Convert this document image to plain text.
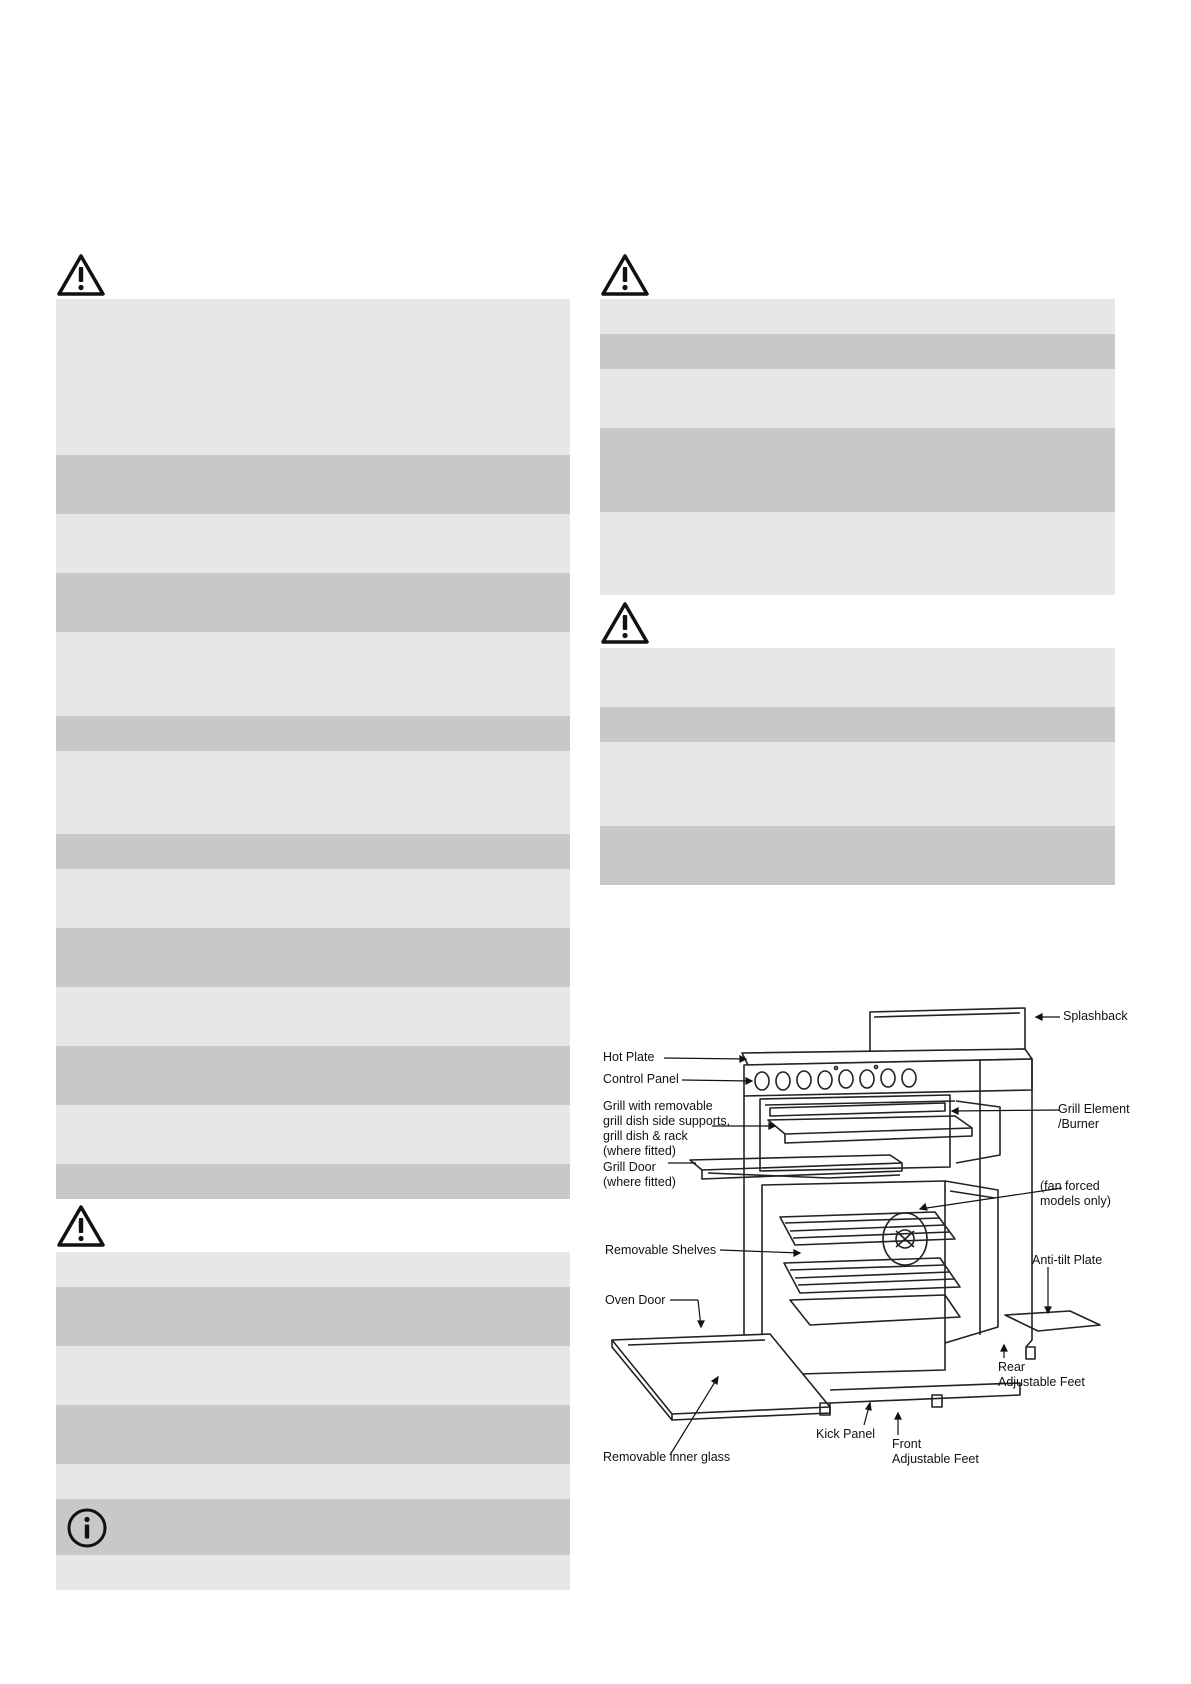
Splashback
Hot Plate
Control Panel
Grill with removable
grill dish side supports,
grill dish & rack
(where fitted)
Grill Element
/Burner
Grill Door
(where fitted)	(fan forced
models only)
Removable Shelves
Anti-tilt Plate
Oven Door
Rear
Adjustable Feet
Kick Panel
Removable inner glass
Front
Adjustable Feet
